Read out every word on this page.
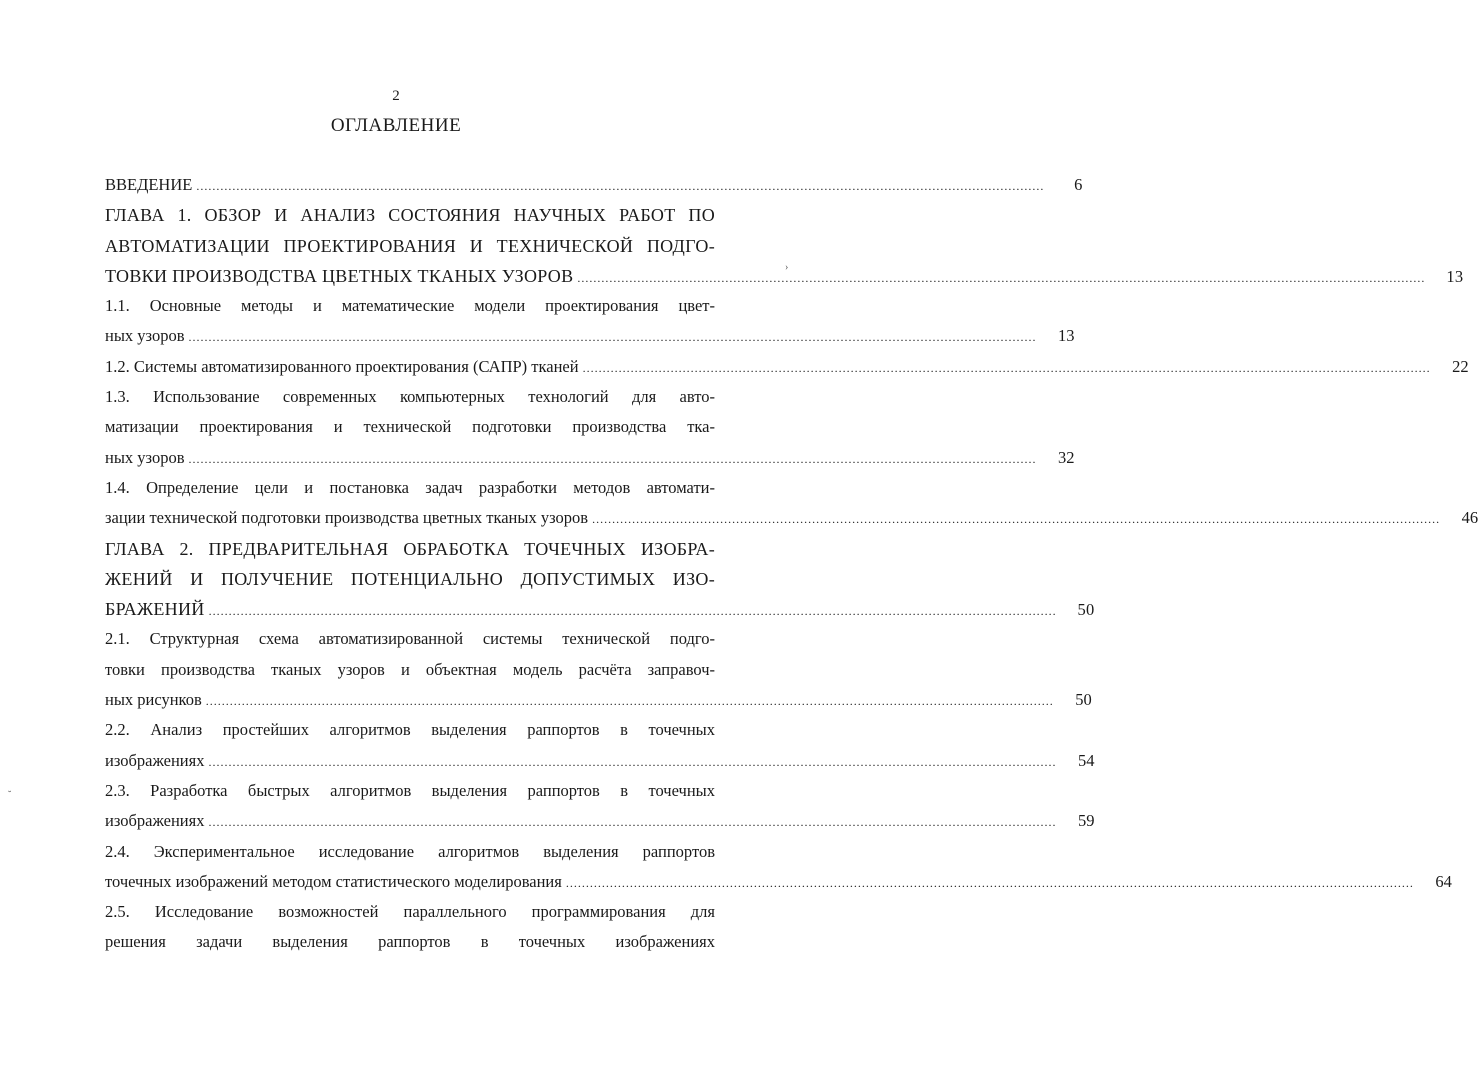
2
ОГЛАВЛЕНИЕ
ВВЕДЕНИЕ ....................................................................................................................................................................................................................	6
ГЛАВА 1. ОБЗОР И АНАЛИЗ СОСТОЯНИЯ НАУЧНЫХ РАБОТ ПО
АВТОМАТИЗАЦИИ ПРОЕКТИРОВАНИЯ И ТЕХНИЧЕСКОЙ ПОДГО-
ТОВКИ ПРОИЗВОДСТВА ЦВЕТНЫХ ТКАНЫХ УЗОРОВ ....................................................................................................................................................................................................................	13
1.1. Основные методы и математические модели проектирования цвет-
ных узоров ....................................................................................................................................................................................................................	13
1.2. Системы автоматизированного проектирования (САПР) тканей ....................................................................................................................................................................................................................	22
1.3. Использование современных компьютерных технологий для авто-
матизации проектирования и технической подготовки производства тка-
ных узоров ....................................................................................................................................................................................................................	32
1.4. Определение цели и постановка задач разработки методов автомати-
зации технической подготовки производства цветных тканых узоров ....................................................................................................................................................................................................................	46
ГЛАВА 2. ПРЕДВАРИТЕЛЬНАЯ ОБРАБОТКА ТОЧЕЧНЫХ ИЗОБРА-
ЖЕНИЙ И ПОЛУЧЕНИЕ ПОТЕНЦИАЛЬНО ДОПУСТИМЫХ ИЗО-
БРАЖЕНИЙ ....................................................................................................................................................................................................................	50
2.1. Структурная схема автоматизированной системы технической подго-
товки производства тканых узоров и объектная модель расчёта заправоч-
ных рисунков ....................................................................................................................................................................................................................	50
2.2. Анализ простейших алгоритмов выделения раппортов в точечных
изображениях ....................................................................................................................................................................................................................	54
2.3. Разработка быстрых алгоритмов выделения раппортов в точечных
изображениях ....................................................................................................................................................................................................................	59
2.4. Экспериментальное исследование алгоритмов выделения раппортов
точечных изображений методом статистического моделирования ....................................................................................................................................................................................................................	64
2.5. Исследование возможностей параллельного программирования для
решения задачи выделения раппортов в точечных изображениях
›
˘
